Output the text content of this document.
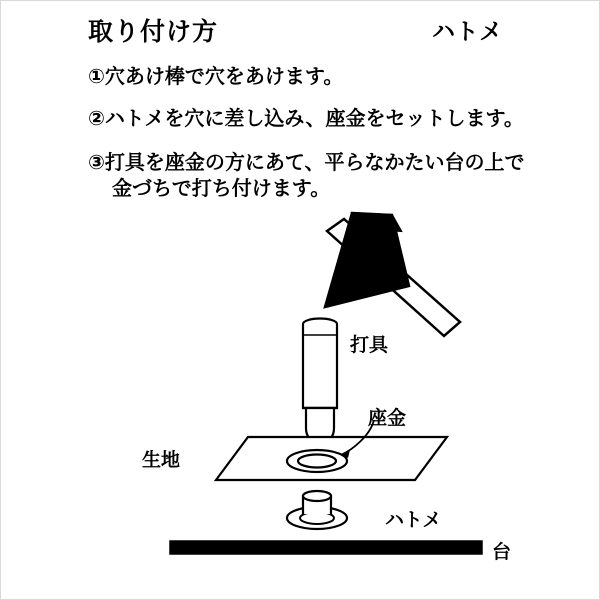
取り付け方	ハトメ
①穴あけ棒で穴をあけます。
②ハトメを穴に差し込み、座金をセットします。
③打具を座金の方にあて、平らなかたい台の上で
金づちで打ち付けます。
打具
座金
生地
ハトメ
台
